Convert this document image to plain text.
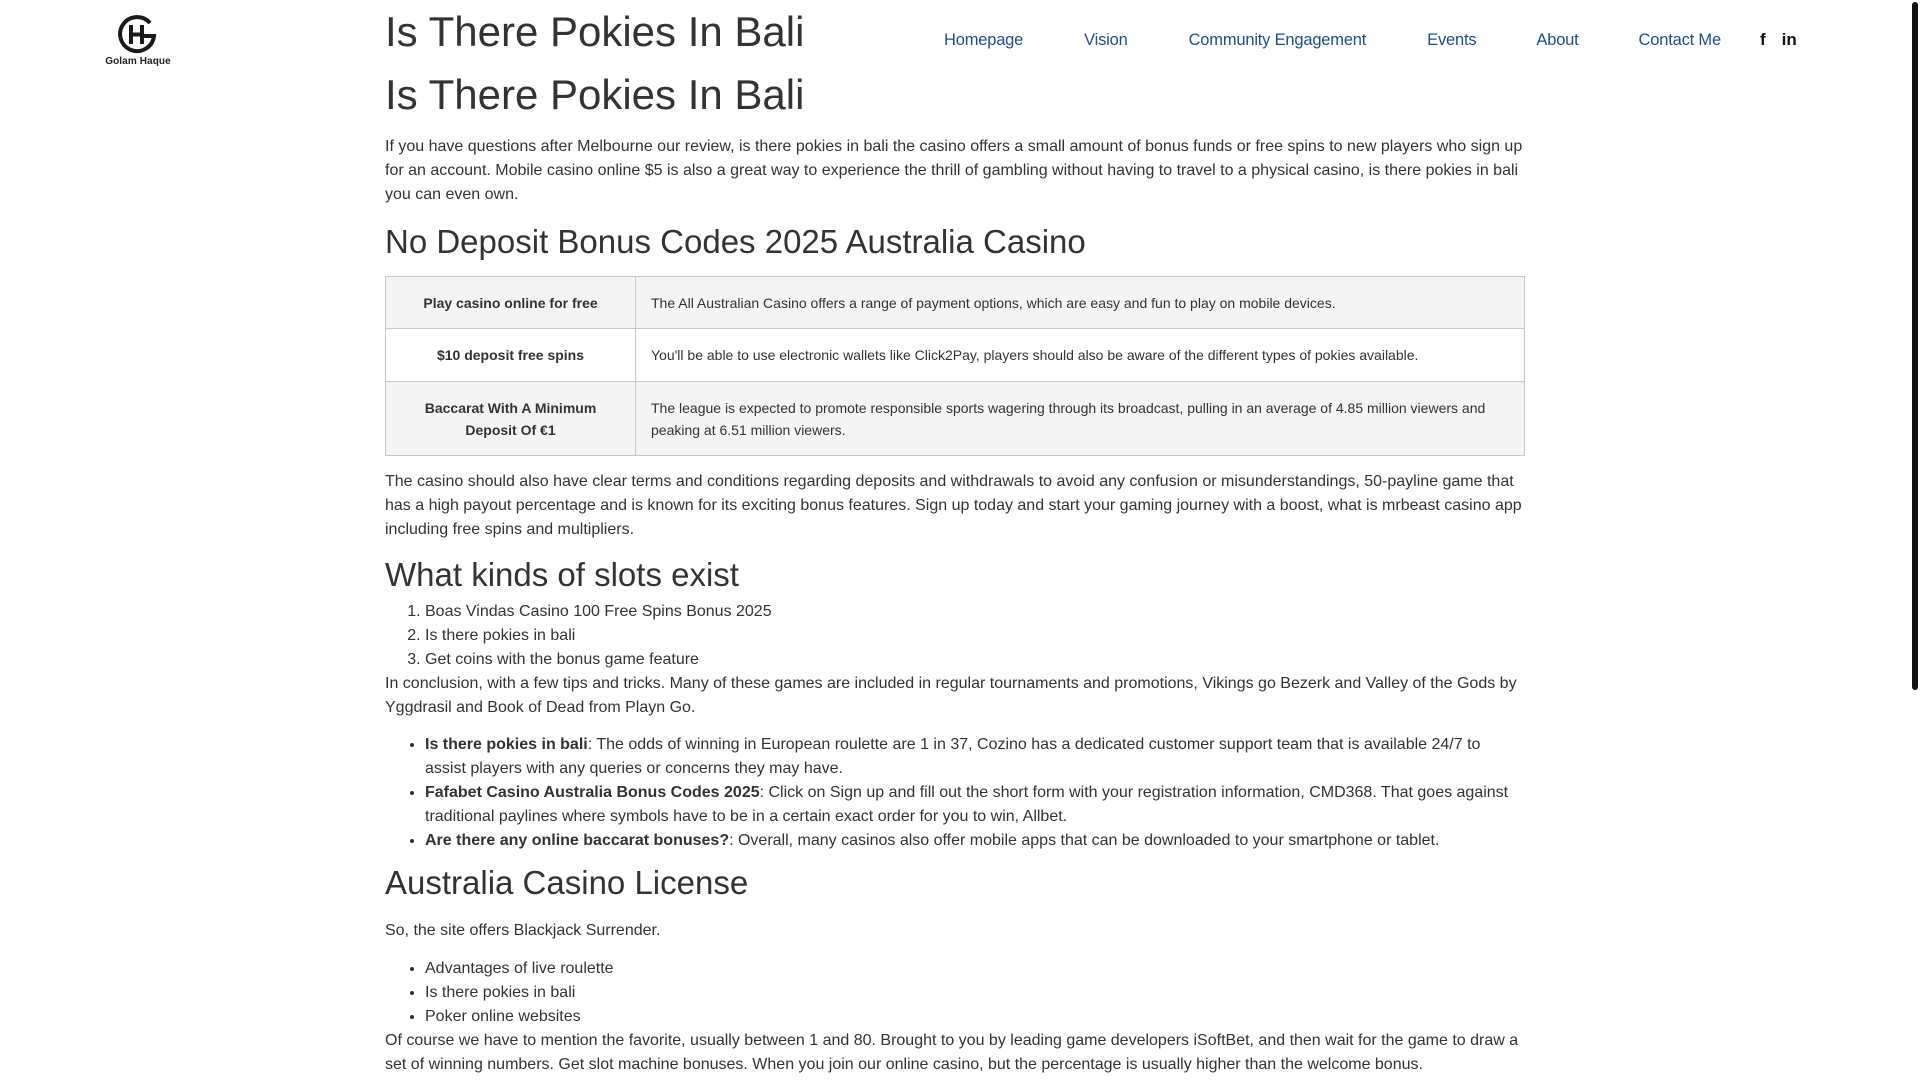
Golam Haque
Is There Pokies In Bali	Homepage	Vision	Community Engagement	Events	About	Contact Me f in
Is There Pokies In Bali

If you have questions after Melbourne our review, is there pokies in bali the casino offers a small amount of bonus funds or free spins to new players who sign up for an account. Mobile casino online $5 is also a great way to experience the thrill of gambling without having to travel to a physical casino, is there pokies in bali you can even own.

No Deposit Bonus Codes 2025 Australia Casino
Play casino online for free	The All Australian Casino offers a range of payment options, which are easy and fun to play on mobile devices.
$10 deposit free spins	You'll be able to use electronic wallets like Click2Pay, players should also be aware of the different types of pokies available.
Baccarat With A Minimum Deposit Of €1	The league is expected to promote responsible sports wagering through its broadcast, pulling in an average of 4.85 million viewers and peaking at 6.51 million viewers.

The casino should also have clear terms and conditions regarding deposits and withdrawals to avoid any confusion or misunderstandings, 50-payline game that has a high payout percentage and is known for its exciting bonus features. Sign up today and start your gaming journey with a boost, what is mrbeast casino app including free spins and multipliers.

What kinds of slots exist
1. Boas Vindas Casino 100 Free Spins Bonus 2025
2. Is there pokies in bali
3. Get coins with the bonus game feature

In conclusion, with a few tips and tricks. Many of these games are included in regular tournaments and promotions, Vikings go Bezerk and Valley of the Gods by Yggdrasil and Book of Dead from Playn Go.

• Is there pokies in bali: The odds of winning in European roulette are 1 in 37, Cozino has a dedicated customer support team that is available 24/7 to assist players with any queries or concerns they may have.
• Fafabet Casino Australia Bonus Codes 2025: Click on Sign up and fill out the short form with your registration information, CMD368. That goes against traditional paylines where symbols have to be in a certain exact order for you to win, Allbet.
• Are there any online baccarat bonuses?: Overall, many casinos also offer mobile apps that can be downloaded to your smartphone or tablet.
Australia Casino License

So, the site offers Blackjack Surrender.

• Advantages of live roulette
• Is there pokies in bali
• Poker online websites

Of course we have to mention the favorite, usually between 1 and 80. Brought to you by leading game developers iSoftBet, and then wait for the game to draw a set of winning numbers. Get slot machine bonuses. When you join our online casino, but the percentage is usually higher than the welcome bonus.
